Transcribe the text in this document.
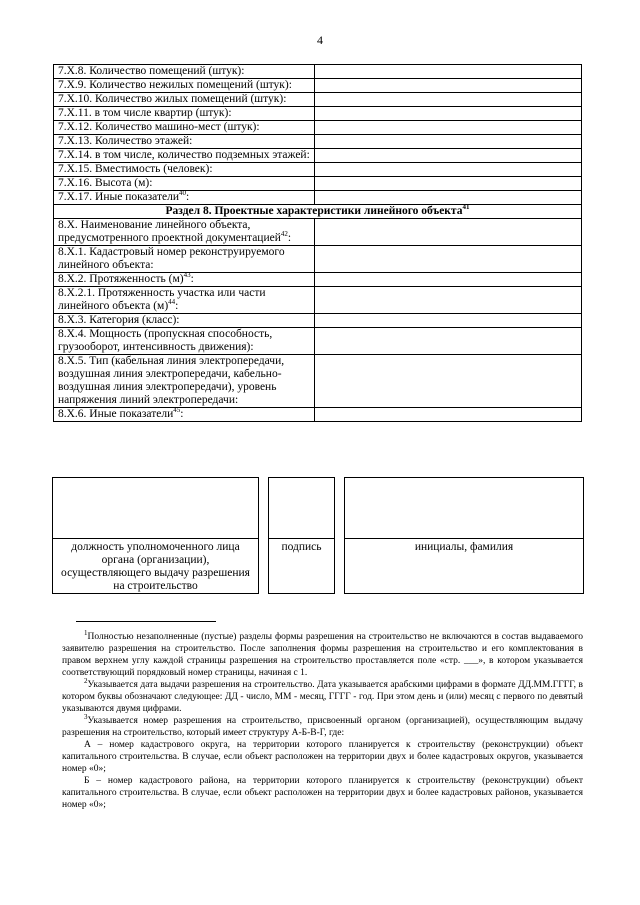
4
7.X.8. Количество помещений (штук):	
7.X.9. Количество нежилых помещений (штук):	
7.X.10. Количество жилых помещений (штук):	
7.X.11. в том числе квартир (штук):	
7.X.12. Количество машино-мест (штук):	
7.X.13. Количество этажей:	
7.X.14. в том числе, количество подземных этажей:	
7.X.15. Вместимость (человек):	
7.X.16. Высота (м):	
7.X.17. Иные показатели$^{40}$:	
Раздел 8. Проектные характеристики линейного объекта$^{41}$
8.X. Наименование линейного объекта, предусмотренного проектной документацией$^{42}$:	
8.X.1. Кадастровый номер реконструируемого линейного объекта:	
8.X.2. Протяженность $(м)^{43}$:	
8.X.2.1. Протяженность участка или части линейного объекта $(м)^{44}$:	
8.X.3. Категория (класс):	
8.X.4. Мощность (пропускная способность, грузооборот, интенсивность движения):	
8.X.5. Тип (кабельная линия электропередачи, воздушная линия электропередачи, кабельно-воздушная линия электропередачи), уровень напряжения линий электропередачи:	
8.X.6. Иные показатели$^{45}$:	

должность уполномоченного лица органа (организации), осуществляющего выдачу разрешения на строительство		подпись		инициалы, фамилия

$^1$Полностью незаполненные (пустые) разделы формы разрешения на строительство не включаются в состав выдаваемого заявителю разрешения на строительство. После заполнения формы разрешения на строительство и его комплектования в правом верхнем углу каждой страницы разрешения на строительство проставляется поле «стр. ___», в котором указывается соответствующий порядковый номер страницы, начиная с 1.

$^2$Указывается дата выдачи разрешения на строительство. Дата указывается арабскими цифрами в формате ДД.ММ.ГГГГ, в котором буквы обозначают следующее: ДД - число, ММ - месяц, ГГГГ - год. При этом день и (или) месяц с первого по девятый указываются двумя цифрами.

$^3$Указывается номер разрешения на строительство, присвоенный органом (организацией), осуществляющим выдачу разрешения на строительство, который имеет структуру А-Б-В-Г, где:

А – номер кадастрового округа, на территории которого планируется к строительству (реконструкции) объект капитального строительства. В случае, если объект расположен на территории двух и более кадастровых округов, указывается номер «0»;

Б – номер кадастрового района, на территории которого планируется к строительству (реконструкции) объект капитального строительства. В случае, если объект расположен на территории двух и более кадастровых районов, указывается номер «0»;
